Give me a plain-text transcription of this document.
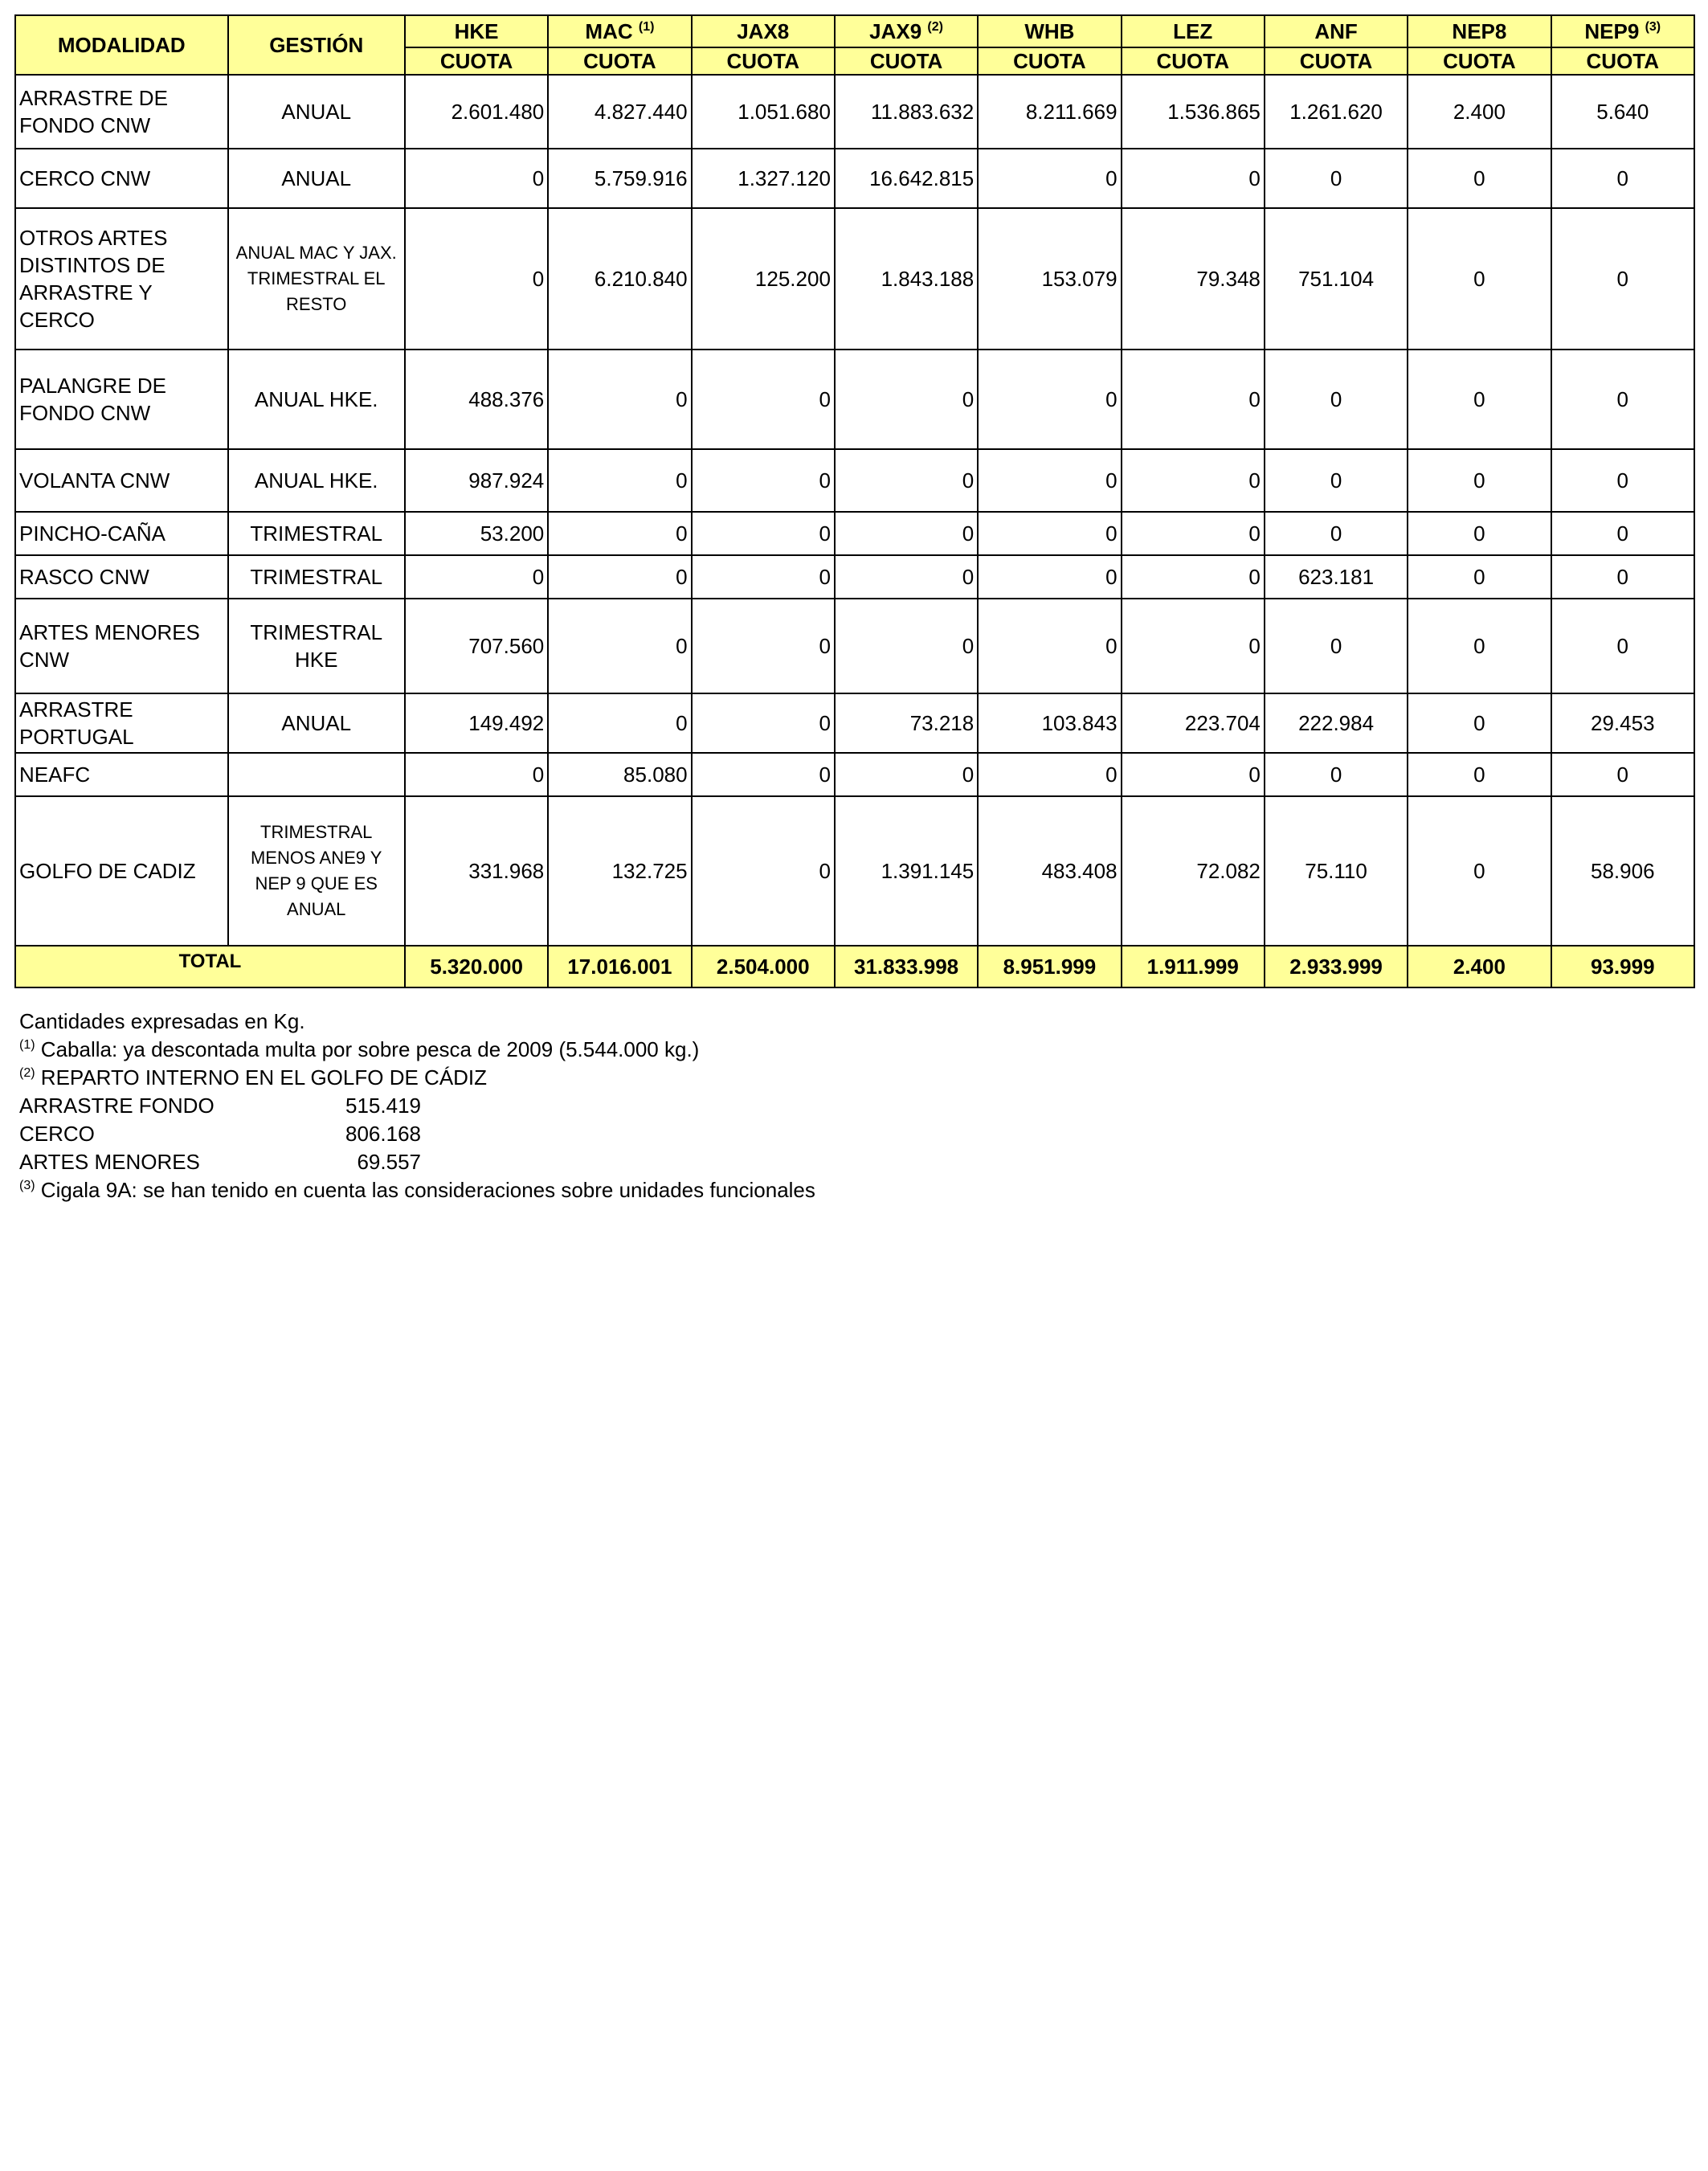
MODALIDAD	GESTIÓN	HKE	MAC $^{(1)}$	JAX8	JAX9 $^{(2)}$	WHB	LEZ	ANF	NEP8	NEP9 $^{(3)}$
		CUOTA	CUOTA	CUOTA	CUOTA	CUOTA	CUOTA	CUOTA	CUOTA	CUOTA
ARRASTRE DE FONDO CNW	ANUAL	2.601.480	4.827.440	1.051.680	11.883.632	8.211.669	1.536.865	1.261.620	2.400	5.640
CERCO CNW	ANUAL	0	5.759.916	1.327.120	16.642.815	0	0	0	0	0
OTROS ARTES DISTINTOS DE ARRASTRE Y CERCO	ANUAL MAC Y JAX. TRIMESTRAL EL RESTO	0	6.210.840	125.200	1.843.188	153.079	79.348	751.104	0	0
PALANGRE DE FONDO CNW	ANUAL HKE.	488.376	0	0	0	0	0	0	0	0
VOLANTA CNW	ANUAL HKE.	987.924	0	0	0	0	0	0	0	0
PINCHO-CAÑA	TRIMESTRAL	53.200	0	0	0	0	0	0	0	0
RASCO CNW	TRIMESTRAL	0	0	0	0	0	0	623.181	0	0
ARTES MENORES CNW	TRIMESTRAL HKE	707.560	0	0	0	0	0	0	0	0
ARRASTRE PORTUGAL	ANUAL	149.492	0	0	73.218	103.843	223.704	222.984	0	29.453
NEAFC		0	85.080	0	0	0	0	0	0	0
GOLFO DE CADIZ	TRIMESTRAL MENOS ANE9 Y NEP 9 QUE ES ANUAL	331.968	132.725	0	1.391.145	483.408	72.082	75.110	0	58.906
TOTAL		5.320.000	17.016.001	2.504.000	31.833.998	8.951.999	1.911.999	2.933.999	2.400	93.999
Cantidades expresadas en Kg.
$^{(1)}$ Caballa: ya descontada multa por sobre pesca de 2009 (5.544.000 kg.)
$^{(2)}$ REPARTO INTERNO EN EL GOLFO DE CÁDIZ
ARRASTRE FONDO	515.419
CERCO	806.168
ARTES MENORES	69.557
$^{(3)}$ Cigala 9A: se han tenido en cuenta las consideraciones sobre unidades funcionales
